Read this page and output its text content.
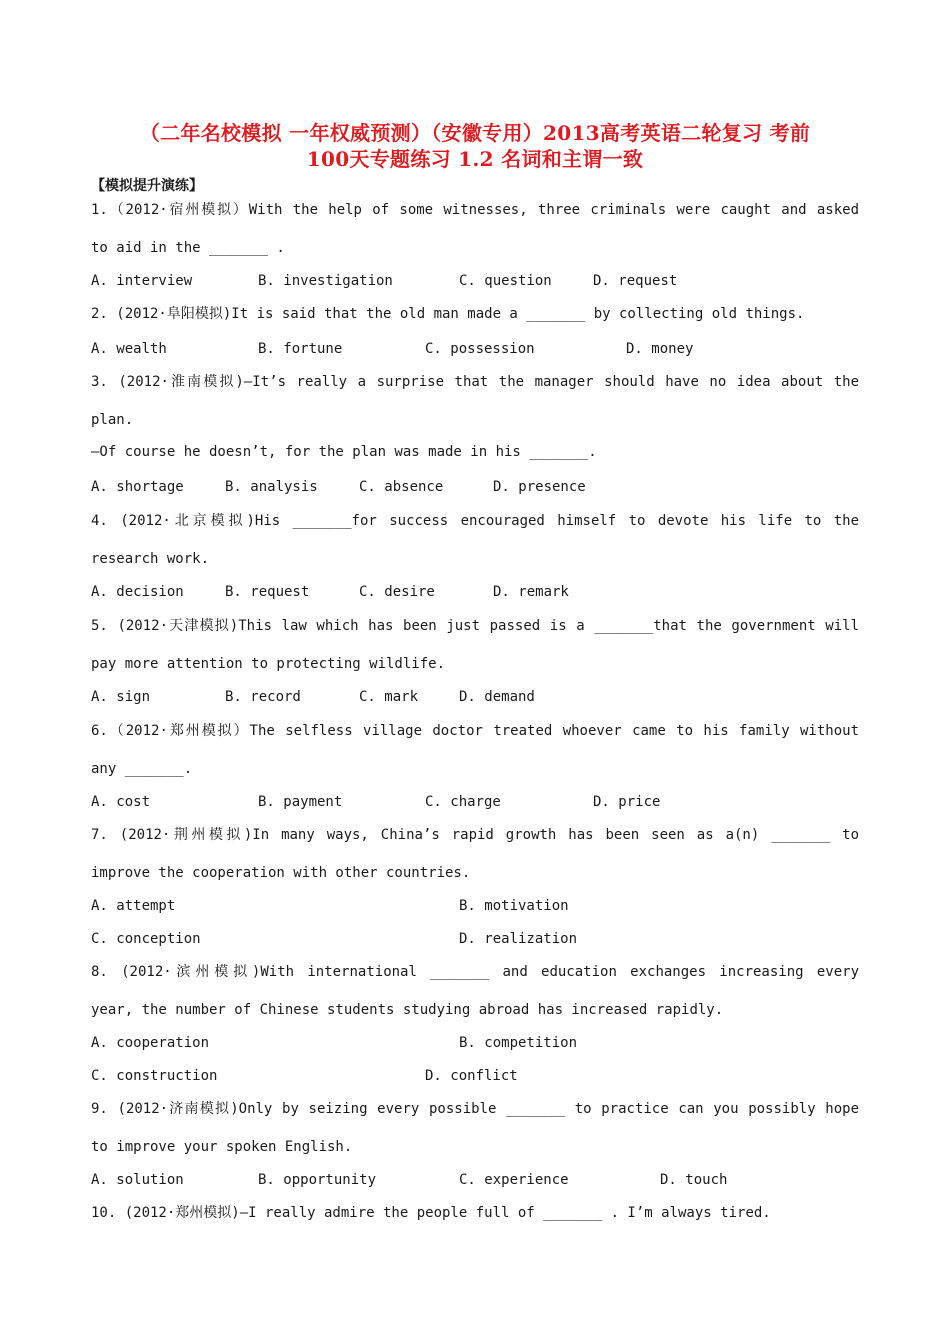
（二年名校模拟 一年权威预测）（安徽专用）2013高考英语二轮复习 考前
100天专题练习 1.2 名词和主谓一致
【模拟提升演练】
1.（2012·宿州模拟）With the help of some witnesses, three criminals were caught and asked
to aid in the _______ .
A. interview	B. investigation	C. question	D. request
2. (2012·阜阳模拟)It is said that the old man made a _______ by collecting old things.
A. wealth	B. fortune	C. possession	D. money
3. (2012·淮南模拟)—It’s really a surprise that the manager should have no idea about the
plan.
—Of course he doesn’t, for the plan was made in his _______.
A. shortage	B. analysis	C. absence	D. presence
4. (2012·北京模拟)His _______for success encouraged himself to devote his life to the
research work.
A. decision	B. request	C. desire	D. remark
5. (2012·天津模拟)This law which has been just passed is a _______that the government will
pay more attention to protecting wildlife.
A. sign	B. record	C. mark	D. demand
6.（2012·郑州模拟）The selfless village doctor treated whoever came to his family without
any _______.
A. cost	B. payment	C. charge	D. price
7. (2012·荆州模拟)In many ways, China’s rapid growth has been seen as a(n) _______ to
improve the cooperation with other countries.
A. attempt	B. motivation
C. conception	D. realization
8. (2012·滨州模拟)With international _______ and education exchanges increasing every
year, the number of Chinese students studying abroad has increased rapidly.
A. cooperation	B. competition
C. construction	D. conflict
9. (2012·济南模拟)Only by seizing every possible _______ to practice can you possibly hope
to improve your spoken English.
A. solution	B. opportunity	C. experience	D. touch
10. (2012·郑州模拟)—I really admire the people full of _______ . I’m always tired.
